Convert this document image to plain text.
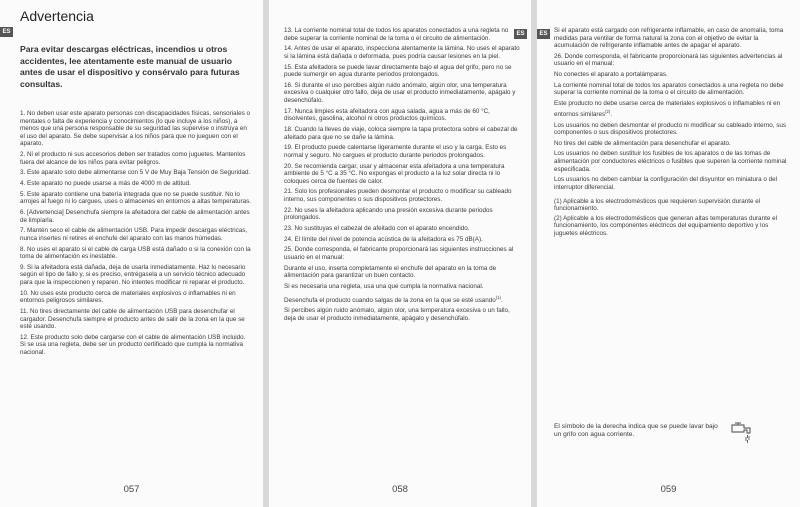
ES
Advertencia
Para evitar descargas eléctricas, incendios u otros accidentes, lee atentamente este manual de usuario antes de usar el dispositivo y consérvalo para futuras consultas.

1. No deben usar este aparato personas con discapacidades físicas, sensoriales o mentales o falta de experiencia y conocimientos (lo que incluye a los niños), a menos que una persona responsable de su seguridad las supervise o instruya en el uso del aparato. Se debe supervisar a los niños para que no jueguen con el aparato.

2. Ni el producto ni sus accesorios deben ser tratados como juguetes. Mantenlos fuera del alcance de los niños para evitar peligros.

3. Este aparato solo debe alimentarse con 5 V de Muy Baja Tensión de Seguridad.

4. Este aparato no puede usarse a más de 4000 m de altitud.

5. Este aparato contiene una batería integrada que no se puede sustituir. No lo arrojes al fuego ni lo cargues, uses o almacenes en entornos a altas temperaturas.

6. [Advertencia] Desenchufa siempre la afeitadora del cable de alimentación antes de limpiarla.

7. Mantén seco el cable de alimentación USB. Para impedir descargas eléctricas, nunca insertes ni retires el enchufe del aparato con las manos húmedas.

8. No uses el aparato si el cable de carga USB está dañado o si la conexión con la toma de alimentación es inestable.

9. Si la afeitadora está dañada, deja de usarla inmediatamente. Haz lo necesario según el tipo de fallo y, si es preciso, entrégasela a un servicio técnico adecuado para que la inspeccionen y reparen. No intentes modificar ni reparar el producto.

10. No uses este producto cerca de materiales explosivos o inflamables ni en entornos peligrosos similares.

11. No tires directamente del cable de alimentación USB para desenchufar el cargador. Desenchufa siempre el producto antes de salir de la zona en la que se esté usando.

12. Este producto solo debe cargarse con el cable de alimentación USB incluido. Si se usa una regleta, debe ser un producto certificado que cumpla la normativa nacional.

057

13. La corriente nominal total de todos los aparatos conectados a una regleta no debe superar la corriente nominal de la toma o el circuito de alimentación.

14. Antes de usar el aparato, inspecciona atentamente la lámina. No uses el aparato si la lámina está dañada o deformada, pues podría causar lesiones en la piel.

15. Esta afeitadora se puede lavar directamente bajo el agua del grifo, pero no se puede sumergir en agua durante periodos prolongados.

16. Si durante el uso percibes algún ruido anómalo, algún olor, una temperatura excesiva o cualquier otro fallo, deja de usar el producto inmediatamente, apágalo y desenchúfalo.

17. Nunca limpies esta afeitadora con agua salada, agua a más de 60 °C, disolventes, gasolina, alcohol ni otros productos químicos.

18. Cuando la lleves de viaje, coloca siempre la tapa protectora sobre el cabezal de afeitado para que no se dañe la lámina.

19. El producto puede calentarse ligeramente durante el uso y la carga. Esto es normal y seguro. No cargues el producto durante periodos prolongados.

20. Se recomienda cargar, usar y almacenar esta afeitadora a una temperatura ambiente de 5 °C a 35 °C. No expongas el producto a la luz solar directa ni lo coloques cerca de fuentes de calor.

21. Solo los profesionales pueden desmontar el producto o modificar su cableado interno, sus componentes o sus dispositivos protectores.

22. No uses la afeitadora aplicando una presión excesiva durante periodos prolongados.

23. No sustituyas el cabezal de afeitado con el aparato encendido.

24. El límite del nivel de potencia acústica de la afeitadora es 75 dB(A).

25. Donde corresponda, el fabricante proporcionará las siguientes instrucciones al usuario en el manual:

Durante el uso, inserta completamente el enchufe del aparato en la toma de alimentación para garantizar un buen contacto.

Si es necesaria una regleta, usa una que cumpla la normativa nacional.

Desenchufa el producto cuando salgas de la zona en la que se esté usando$^{(1)}$.

Si percibes algún ruido anómalo, algún olor, una temperatura excesiva o un fallo, deja de usar el producto inmediatamente, apágalo y desenchúfalo.

058

Si el aparato está cargado con refrigerante inflamable, en caso de anomalía, toma medidas para ventilar de forma natural la zona con el objetivo de evitar la acumulación de refrigerante inflamable antes de apagar el aparato.

26. Donde corresponda, el fabricante proporcionará las siguientes advertencias al usuario en el manual:

No conectes el aparato a portalámparas.

La corriente nominal total de todos los aparatos conectados a una regleta no debe superar la corriente nominal de la toma o el circuito de alimentación.

Este producto no debe usarse cerca de materiales explosivos o inflamables ni en entornos similares$^{(2)}$.

Los usuarios no deben desmontar el producto ni modificar su cableado interno, sus componentes o sus dispositivos protectores.

No tires del cable de alimentación para desenchufar el aparato.

Los usuarios no deben sustituir los fusibles de los aparatos o de las tomas de alimentación por conductores eléctricos o fusibles que superen la corriente nominal especificada.

Los usuarios no deben cambiar la configuración del disyuntor en miniatura o del interruptor diferencial.

(1) Aplicable a los electrodomésticos que requieren supervisión durante el funcionamiento.

(2) Aplicable a los electrodomésticos que generan altas temperaturas durante el funcionamiento, los componentes eléctricos del equipamiento deportivo y los juguetes eléctricos.

El símbolo de la derecha indica que se puede lavar bajo un grifo con agua corriente.
059
ES	ES
